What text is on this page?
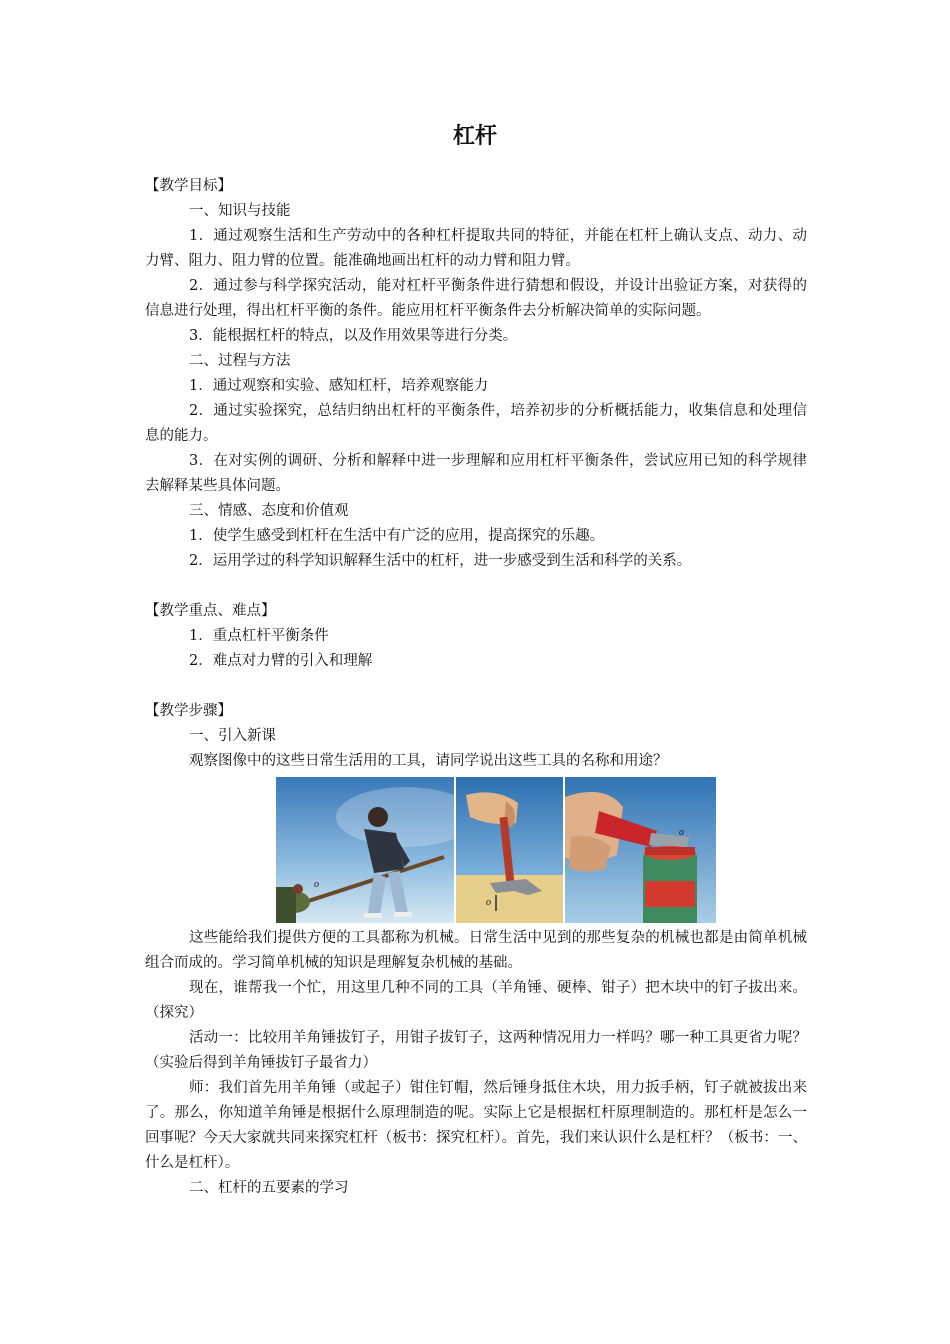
杠杆

【教学目标】

一、知识与技能

1．通过观察生活和生产劳动中的各种杠杆提取共同的特征，并能在杠杆上确认支点、动力、动力臂、阻力、阻力臂的位置。能准确地画出杠杆的动力臂和阻力臂。

2．通过参与科学探究活动，能对杠杆平衡条件进行猜想和假设，并设计出验证方案，对获得的信息进行处理，得出杠杆平衡的条件。能应用杠杆平衡条件去分析解决简单的实际问题。

3．能根据杠杆的特点，以及作用效果等进行分类。

二、过程与方法

1．通过观察和实验、感知杠杆，培养观察能力

2．通过实验探究，总结归纳出杠杆的平衡条件，培养初步的分析概括能力，收集信息和处理信息的能力。

3．在对实例的调研、分析和解释中进一步理解和应用杠杆平衡条件，尝试应用已知的科学规律去解释某些具体问题。

三、情感、态度和价值观

1．使学生感受到杠杆在生活中有广泛的应用，提高探究的乐趣。

2．运用学过的科学知识解释生活中的杠杆，进一步感受到生活和科学的关系。

【教学重点、难点】

1．重点杠杆平衡条件

2．难点对力臂的引入和理解

【教学步骤】

一、引入新课

观察图像中的这些日常生活用的工具，请同学说出这些工具的名称和用途？

o
o
o

这些能给我们提供方便的工具都称为机械。日常生活中见到的那些复杂的机械也都是由简单机械组合而成的。学习简单机械的知识是理解复杂机械的基础。

现在，谁帮我一个忙，用这里几种不同的工具（羊角锤、硬棒、钳子）把木块中的钉子拔出来。（探究）

活动一：比较用羊角锤拔钉子，用钳子拔钉子，这两种情况用力一样吗？哪一种工具更省力呢？（实验后得到羊角锤拔钉子最省力）

师：我们首先用羊角锤（或起子）钳住钉帽，然后锤身抵住木块，用力扳手柄，钉子就被拔出来了。那么，你知道羊角锤是根据什么原理制造的呢。实际上它是根据杠杆原理制造的。那杠杆是怎么一回事呢？今天大家就共同来探究杠杆（板书：探究杠杆）。首先，我们来认识什么是杠杆？（板书：一、什么是杠杆）。

二、杠杆的五要素的学习
